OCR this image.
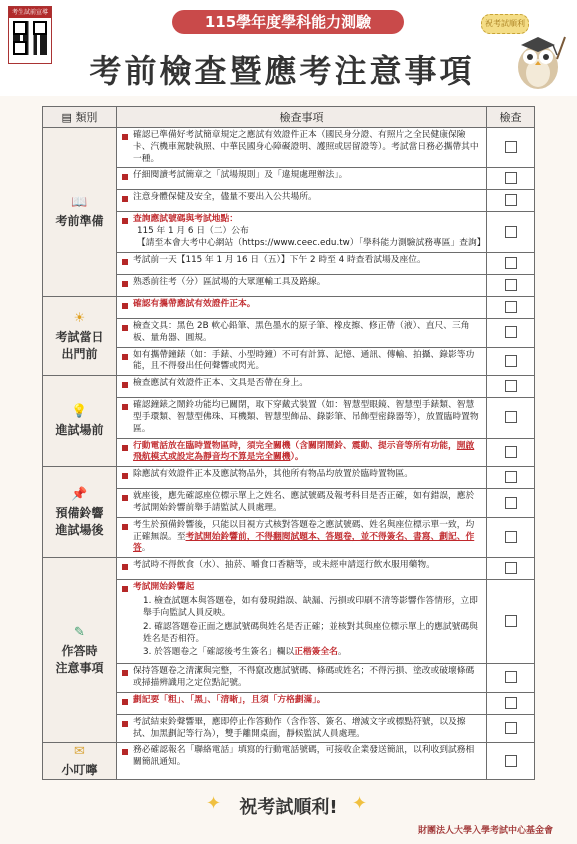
考生試前宣導
115學年度學科能力測驗
考前檢查暨應考注意事項
祝考試順利
▤ 類別	檢查事項	檢查

📖
考前準備	確認已準備好考試簡章規定之應試有效證件正本（國民身分證、有照片之全民健康保險卡、汽機車駕駛執照、中華民國身心障礙證明、護照或居留證等）。考試當日務必攜帶其中一種。	
	仔細閱讀考試簡章之「試場規則」及「違規處理辦法」。	
	注意身體保健及安全，儘量不要出入公共場所。	
	查詢應試號碼與考試地點：
115 年 1 月 6 日（二）公布
【請至本會大考中心網站（https://www.ceec.edu.tw）「學科能力測驗試務專區」查詢】	

	考試前一天【115 年 1 月 16 日（五）】下午 2 時至 4 時查看試場及座位。	
	熟悉前往考（分）區試場的大眾運輸工具及路線。	

☀
考試當日
出門前	確認有攜帶應試有效證件正本。	
	檢查文具：黑色 2B 軟心鉛筆、黑色墨水的原子筆、橡皮擦、修正帶（液）、直尺、三角板、量角器、圓規。	
	如有攜帶鐘錶（如：手錶、小型時鐘）不可有計算、記憶、通訊、傳輸、拍攝、錄影等功能，且不得發出任何聲響或閃光。	

💡
進試場前	檢查應試有效證件正本、文具是否帶在身上。	
	確認鐘錶之鬧鈴功能均已關閉，取下穿戴式裝置（如：智慧型眼鏡、智慧型手錶類、智慧型手環類、智慧型佛珠、耳機類、智慧型飾品、錄影筆、吊飾型密錄器等），放置臨時置物區。	
	行動電話放在臨時置物區時，須完全關機（含關閉鬧鈴、震動、提示音等所有功能，開啟飛航模式或設定為靜音均不算是完全關機）。	

📌
預備鈴響
進試場後	除應試有效證件正本及應試物品外，其他所有物品均放置於臨時置物區。	
	就座後，應先確認座位標示單上之姓名、應試號碼及報考科目是否正確，如有錯誤，應於考試開始鈴響前舉手請監試人員處理。	
	考生於預備鈴響後，只能以目視方式核對答題卷之應試號碼、姓名與座位標示單一致，均正確無誤。至考試開始鈴響前，不得翻閱試題本、答題卷，並不得簽名、書寫、劃記、作答。	

✎
作答時
注意事項	考試時不得飲食（水）、抽菸、嚼食口香糖等，或未經申請逕行飲水服用藥物。	
	考試開始鈴響起
1. 檢查試題本與答題卷，如有發現錯誤、缺漏、污損或印刷不清等影響作答情形，立即舉手向監試人員反映。
2. 確認答題卷正面之應試號碼與姓名是否正確；並核對其與座位標示單上的應試號碼與姓名是否相符。
3. 於答題卷之「確認後考生簽名」欄以正楷簽全名。	

	保持答題卷之清潔與完整，不得竄改應試號碼、條碼或姓名；不得污損、塗改或破壞條碼或掃描辨識用之定位點記號。	
	劃記要「粗」、「黑」、「清晰」，且須「方格劃滿」。	
	考試結束鈴聲響畢，應即停止作答動作（含作答、簽名、增減文字或標點符號，以及擦拭、加黑劃記等行為），雙手離開桌面，靜候監試人員處理。	

✉
小叮嚀	務必確認報名「聯絡電話」填寫的行動電話號碼，可接收企業發送簡訊，以利收到試務相關簡訊通知。	
✦	祝考試順利! ✦
財團法人大學入學考試中心基金會
